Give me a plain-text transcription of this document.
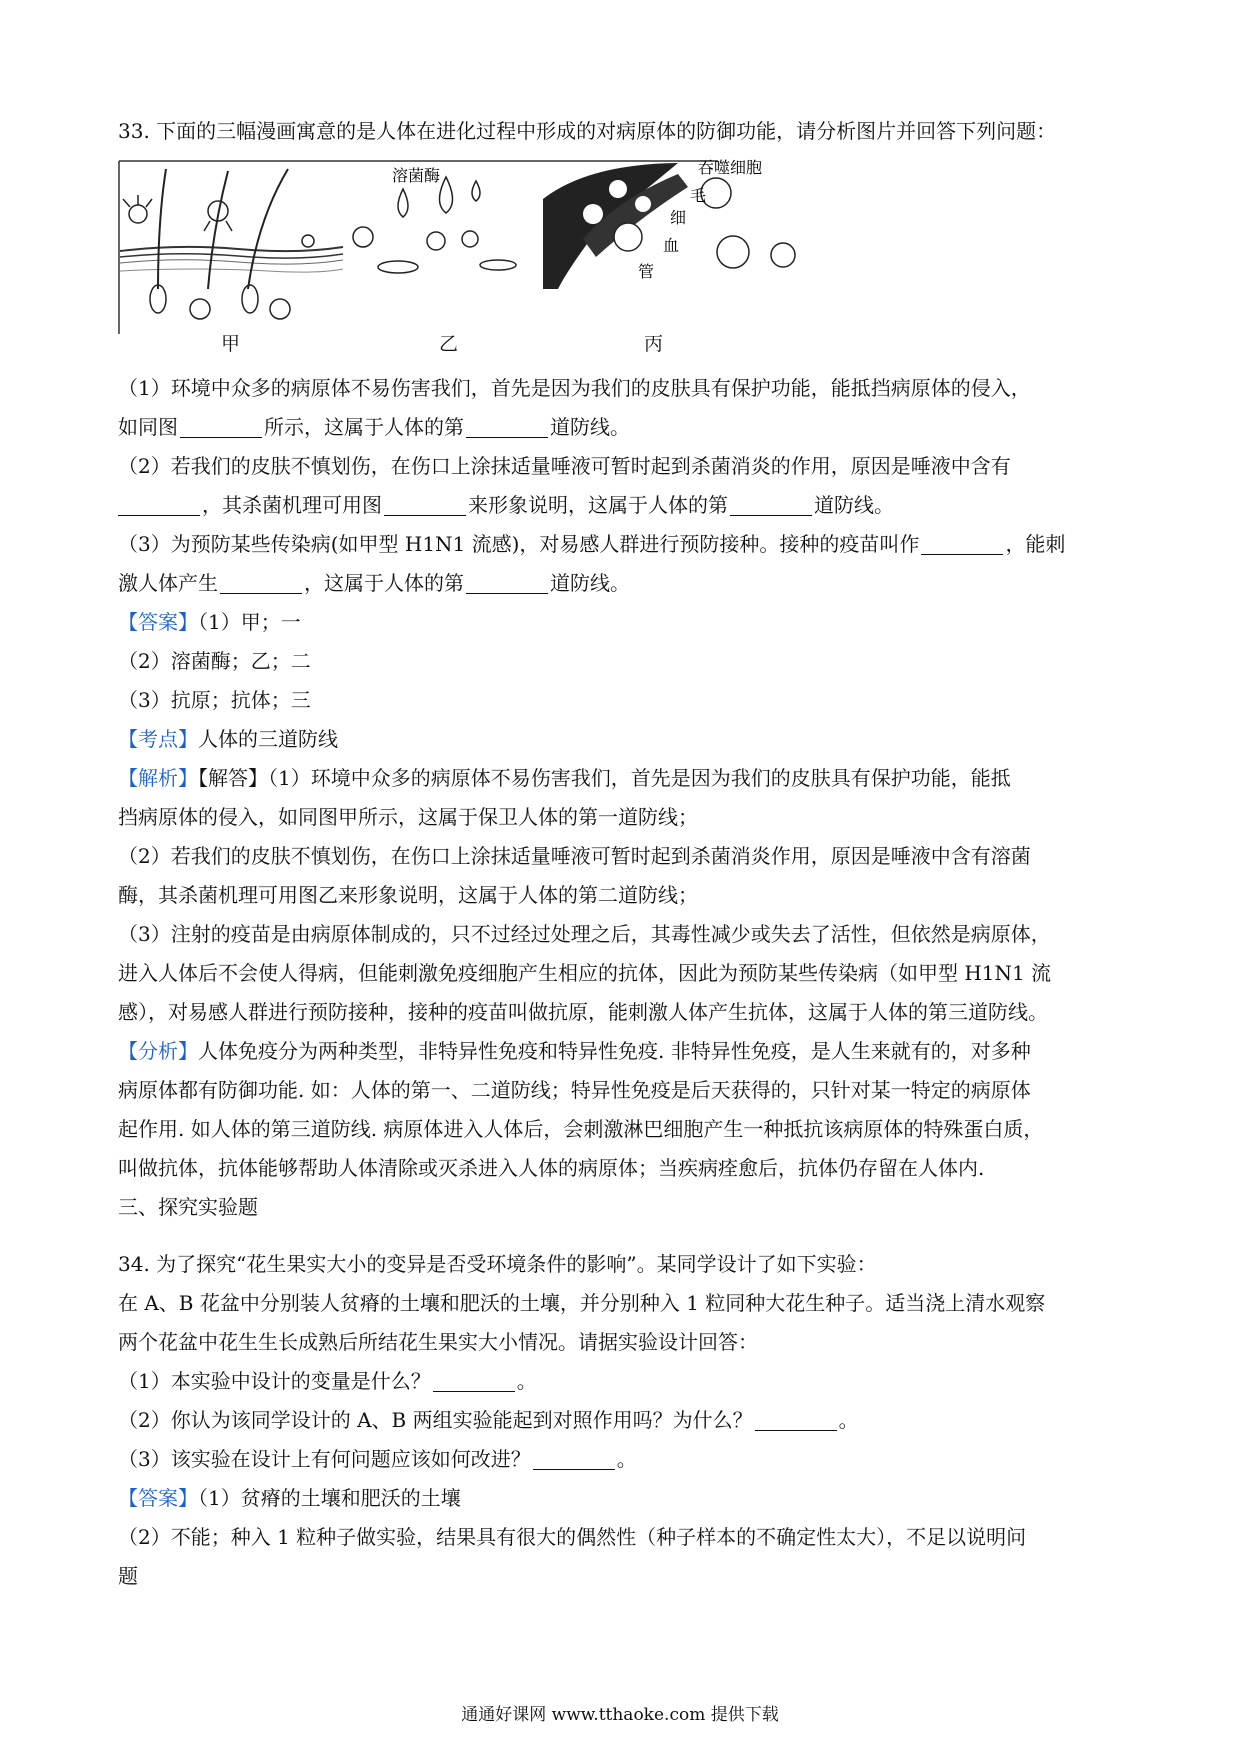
33. 下面的三幅漫画寓意的是人体在进化过程中形成的对病原体的防御功能，请分析图片并回答下列问题：
溶菌酶	吞噬细胞
毛
细
血
管
甲	乙	丙
（1）环境中众多的病原体不易伤害我们，首先是因为我们的皮肤具有保护功能，能抵挡病原体的侵入，
如同图	所示，这属于人体的第	道防线。
（2）若我们的皮肤不慎划伤，在伤口上涂抹适量唾液可暂时起到杀菌消炎的作用，原因是唾液中含有
，其杀菌机理可用图	来形象说明，这属于人体的第	道防线。
（3）为预防某些传染病(如甲型 H1N1 流感)，对易感人群进行预防接种。接种的疫苗叫作	，能刺
激人体产生	，这属于人体的第	道防线。
【答案】（1）甲；一
（2）溶菌酶；乙；二
（3）抗原；抗体；三
【考点】人体的三道防线
【解析】【解答】（1）环境中众多的病原体不易伤害我们，首先是因为我们的皮肤具有保护功能，能抵
挡病原体的侵入，如同图甲所示，这属于保卫人体的第一道防线；
（2）若我们的皮肤不慎划伤，在伤口上涂抹适量唾液可暂时起到杀菌消炎作用，原因是唾液中含有溶菌
酶，其杀菌机理可用图乙来形象说明，这属于人体的第二道防线；
（3）注射的疫苗是由病原体制成的，只不过经过处理之后，其毒性减少或失去了活性，但依然是病原体，
进入人体后不会使人得病，但能刺激免疫细胞产生相应的抗体，因此为预防某些传染病（如甲型 H1N1 流
感），对易感人群进行预防接种，接种的疫苗叫做抗原，能刺激人体产生抗体，这属于人体的第三道防线。
【分析】人体免疫分为两种类型，非特异性免疫和特异性免疫. 非特异性免疫，是人生来就有的，对多种
病原体都有防御功能. 如：人体的第一、二道防线；特异性免疫是后天获得的，只针对某一特定的病原体
起作用. 如人体的第三道防线. 病原体进入人体后，会刺激淋巴细胞产生一种抵抗该病原体的特殊蛋白质，
叫做抗体，抗体能够帮助人体清除或灭杀进入人体的病原体；当疾病痊愈后，抗体仍存留在人体内.
三、探究实验题
34. 为了探究“花生果实大小的变异是否受环境条件的影响”。某同学设计了如下实验：
在 A、B 花盆中分别装人贫瘠的土壤和肥沃的土壤，并分别种入 1 粒同种大花生种子。适当浇上清水观察
两个花盆中花生生长成熟后所结花生果实大小情况。请据实验设计回答：
（1）本实验中设计的变量是什么？	。
（2）你认为该同学设计的 A、B 两组实验能起到对照作用吗？为什么？	。
（3）该实验在设计上有何问题应该如何改进？	。
【答案】（1）贫瘠的土壤和肥沃的土壤
（2）不能；种入 1 粒种子做实验，结果具有很大的偶然性（种子样本的不确定性太大），不足以说明问
题
通通好课网 www.tthaoke.com 提供下载
